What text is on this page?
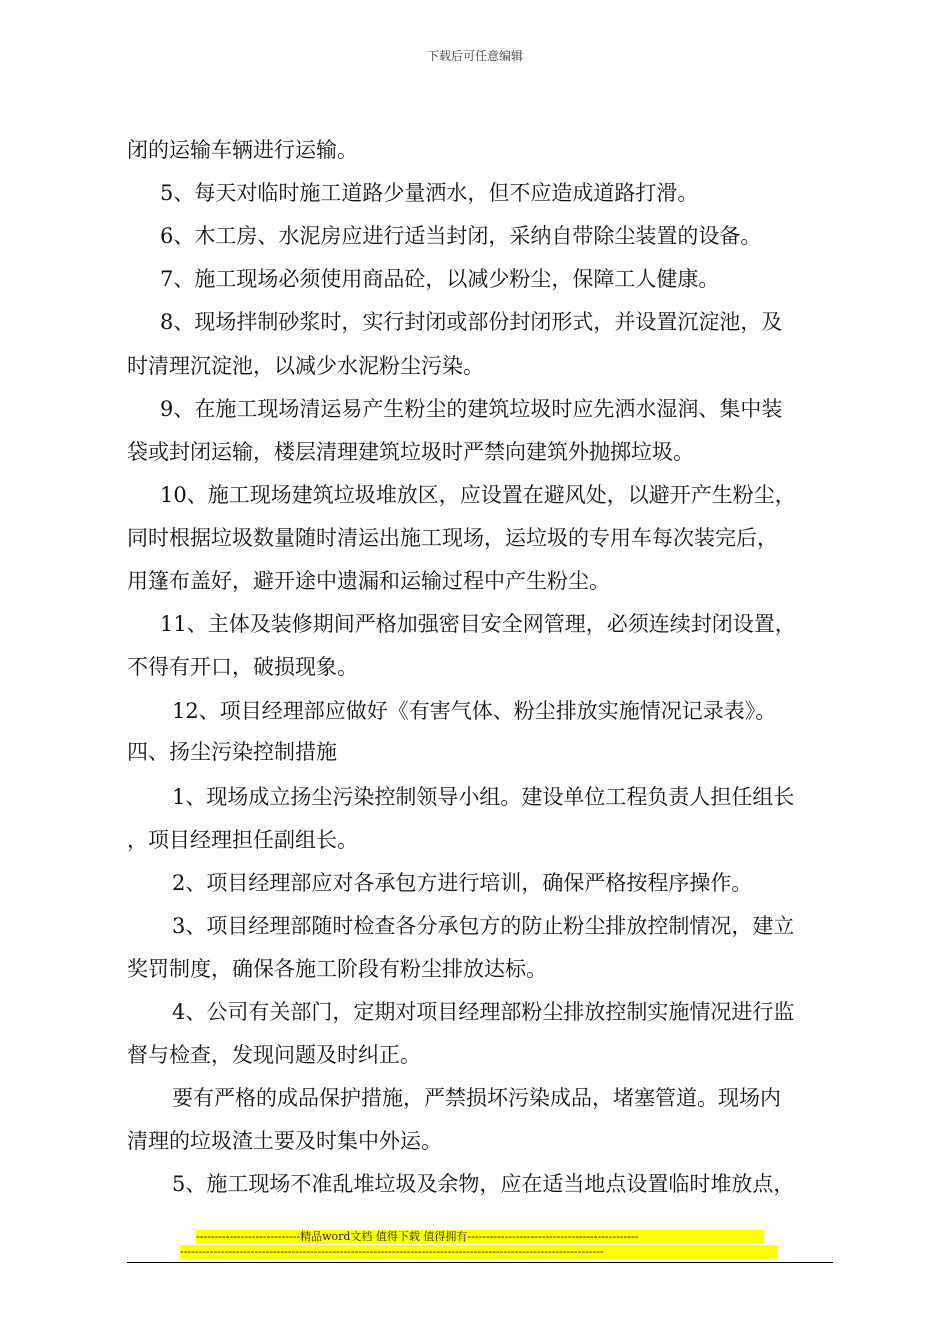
下载后可任意编辑

闭的运输车辆进行运输。

5、每天对临时施工道路少量洒水，但不应造成道路打滑。

6、木工房、水泥房应进行适当封闭，采纳自带除尘装置的设备。

7、施工现场必须使用商品砼，以减少粉尘，保障工人健康。

8、现场拌制砂浆时，实行封闭或部份封闭形式，并设置沉淀池，及

时清理沉淀池，以减少水泥粉尘污染。

9、在施工现场清运易产生粉尘的建筑垃圾时应先洒水湿润、集中装

袋或封闭运输，楼层清理建筑垃圾时严禁向建筑外抛掷垃圾。

10、施工现场建筑垃圾堆放区，应设置在避风处，以避开产生粉尘，

同时根据垃圾数量随时清运出施工现场，运垃圾的专用车每次装完后，

用篷布盖好，避开途中遗漏和运输过程中产生粉尘。

11、主体及装修期间严格加强密目安全网管理，必须连续封闭设置，

不得有开口，破损现象。

12、项目经理部应做好《有害气体、粉尘排放实施情况记录表》。

四、扬尘污染控制措施

1、现场成立扬尘污染控制领导小组。建设单位工程负责人担任组长

，项目经理担任副组长。

2、项目经理部应对各承包方进行培训，确保严格按程序操作。

3、项目经理部随时检查各分承包方的防止粉尘排放控制情况，建立

奖罚制度，确保各施工阶段有粉尘排放达标。

4、公司有关部门，定期对项目经理部粉尘排放控制实施情况进行监

督与检查，发现问题及时纠正。

要有严格的成品保护措施，严禁损坏污染成品，堵塞管道。现场内

清理的垃圾渣土要及时集中外运。

5、施工现场不准乱堆垃圾及余物，应在适当地点设置临时堆放点，

----------------------------精品word文档 值得下载 值得拥有----------------------------------------------
------------------------------------------------------------------------------------------------------------------
